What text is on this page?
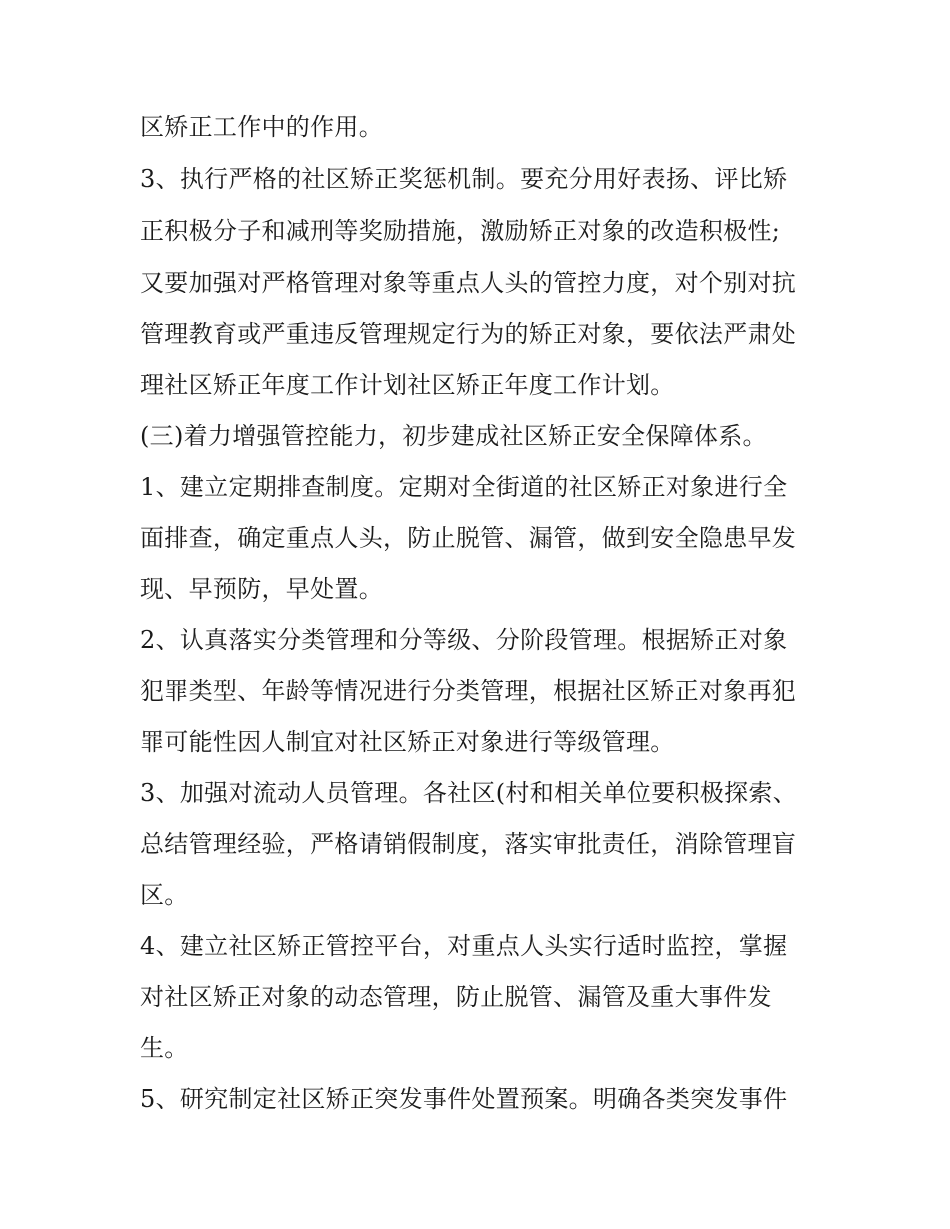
区矫正工作中的作用。
3、执行严格的社区矫正奖惩机制。要充分用好表扬、评比矫
正积极分子和减刑等奖励措施，激励矫正对象的改造积极性;
又要加强对严格管理对象等重点人头的管控力度，对个别对抗
管理教育或严重违反管理规定行为的矫正对象，要依法严肃处
理社区矫正年度工作计划社区矫正年度工作计划。
(三)着力增强管控能力，初步建成社区矫正安全保障体系。
1、建立定期排查制度。定期对全街道的社区矫正对象进行全
面排查，确定重点人头，防止脱管、漏管，做到安全隐患早发
现、早预防，早处置。
2、认真落实分类管理和分等级、分阶段管理。根据矫正对象
犯罪类型、年龄等情况进行分类管理，根据社区矫正对象再犯
罪可能性因人制宜对社区矫正对象进行等级管理。
3、加强对流动人员管理。各社区(村和相关单位要积极探索、
总结管理经验，严格请销假制度，落实审批责任，消除管理盲
区。
4、建立社区矫正管控平台，对重点人头实行适时监控，掌握
对社区矫正对象的动态管理，防止脱管、漏管及重大事件发
生。
5、研究制定社区矫正突发事件处置预案。明确各类突发事件
